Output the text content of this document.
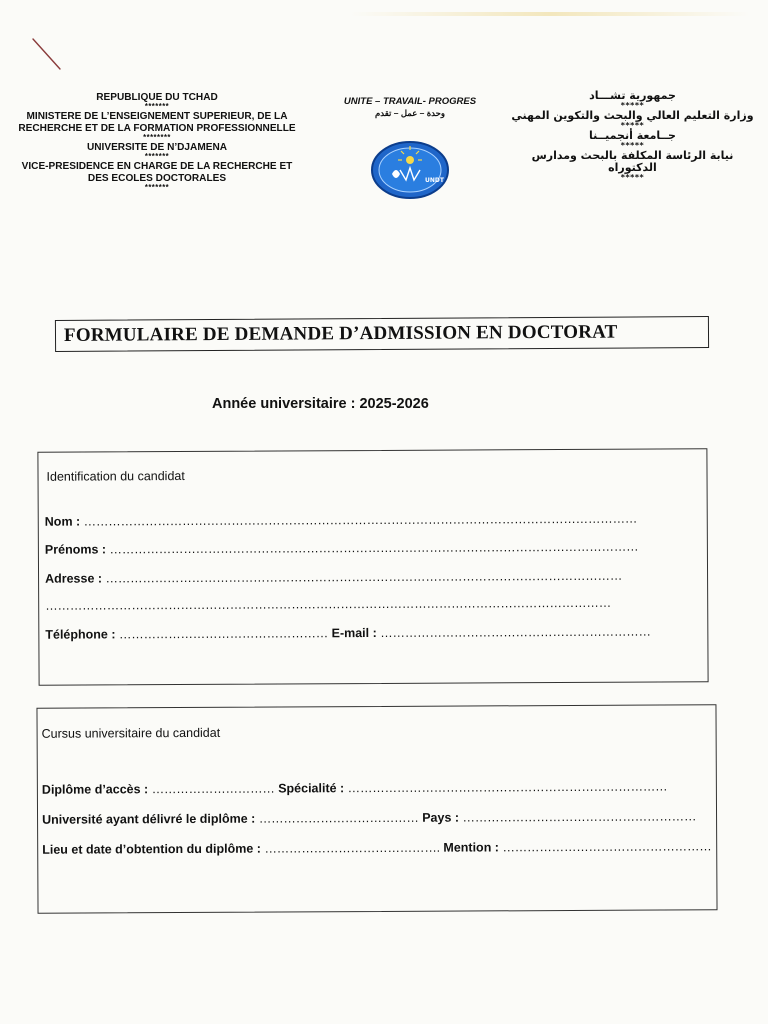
REPUBLIQUE DU TCHAD
*******
MINISTERE DE L’ENSEIGNEMENT SUPERIEUR, DE LA RECHERCHE ET DE LA FORMATION PROFESSIONNELLE
********
UNIVERSITE DE N’DJAMENA
*******
VICE-PRESIDENCE EN CHARGE DE LA RECHERCHE ET DES ECOLES DOCTORALES
*******
UNITE – TRAVAIL- PROGRES
وحدة – عمل – تقدم
UNDT
جمهورية تشـــاد
*****
وزارة التعليم العالي والبحث والتكوين المهني
*****
جــامعة أنجميــنا
*****
نيابة الرئاسة المكلفة بالبحث ومدارس الدكتوراه
*****
FORMULAIRE DE DEMANDE D’ADMISSION EN DOCTORAT
Année universitaire : 2025-2026
Identification du candidat
Nom : ………………………………………………………………………………………………………………………
Prénoms : …………………………………………………………………………………………………………………
Adresse : ………………………………………………………………………………………………………………
…………………………………………………………………………………………………………………………
Téléphone : …………………………………………… E-mail : …………………………………………………………
Cursus universitaire du candidat
Diplôme d’accès : ………………………… Spécialité : ……………………………………………………………………
Université ayant délivré le diplôme : ………………………………… Pays : …………………………………………………
Lieu et date d’obtention du diplôme : ……………………………………. Mention : ……………………………………………
